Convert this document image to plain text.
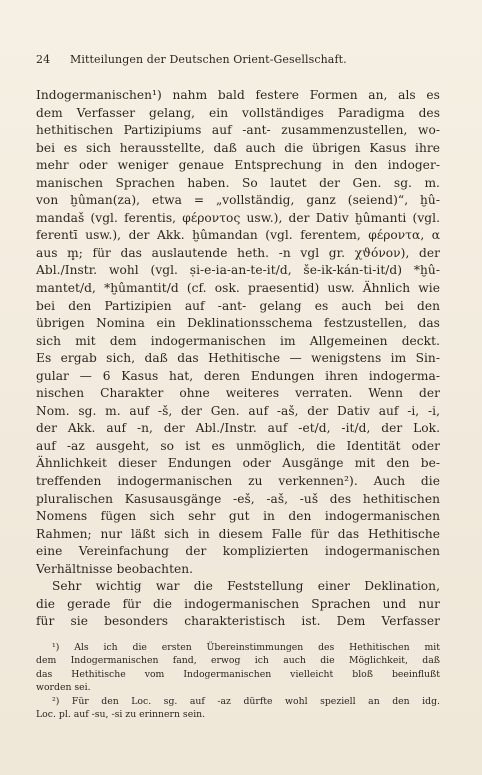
24 Mitteilungen der Deutschen Orient-Gesellschaft.
Indogermanischen¹) nahm bald festere Formen an, als es
dem Verfasser gelang, ein vollständiges Paradigma des
hethitischen Partizipiums auf -ant- zusammenzustellen, wo-
bei es sich herausstellte, daß auch die übrigen Kasus ihre
mehr oder weniger genaue Entsprechung in den indoger-
manischen Sprachen haben. So lautet der Gen. sg. m.
von ḫûman(za), etwa = „vollständig, ganz (seiend)“, ḫû-
mandaš (vgl. ferentis, φέροντος usw.), der Dativ ḫûmanti (vgl.
ferentī usw.), der Akk. ḫûmandan (vgl. ferentem, φέροντα, α
aus m̥; für das auslautende heth. -n vgl gr. χϑόνον), der
Abl./Instr. wohl (vgl. ṣi-e-ia-an-te-it/d, še-ik-kán-ti-it/d) *ḫû-
mantet/d, *ḫûmantit/d (cf. osk. praesentid) usw. Ähnlich wie
bei den Partizipien auf -ant- gelang es auch bei den
übrigen Nomina ein Deklinationsschema festzustellen, das
sich mit dem indogermanischen im Allgemeinen deckt.
Es ergab sich, daß das Hethitische — wenigstens im Sin-
gular — 6 Kasus hat, deren Endungen ihren indogerma-
nischen Charakter ohne weiteres verraten. Wenn der
Nom. sg. m. auf -š, der Gen. auf -aš, der Dativ auf -i, -i,
der Akk. auf -n, der Abl./Instr. auf -et/d, -it/d, der Lok.
auf -az ausgeht, so ist es unmöglich, die Identität oder
Ähnlichkeit dieser Endungen oder Ausgänge mit den be-
treffenden indogermanischen zu verkennen²). Auch die
pluralischen Kasusausgänge -eš, -aš, -uš des hethitischen
Nomens fügen sich sehr gut in den indogermanischen
Rahmen; nur läßt sich in diesem Falle für das Hethitische
eine Vereinfachung der komplizierten indogermanischen
Verhältnisse beobachten.
Sehr wichtig war die Feststellung einer Deklination,
die gerade für die indogermanischen Sprachen und nur
für sie besonders charakteristisch ist. Dem Verfasser
¹) Als ich die ersten Übereinstimmungen des Hethitischen mit
dem Indogermanischen fand, erwog ich auch die Möglichkeit, daß
das Hethitische vom Indogermanischen vielleicht bloß beeinflußt
worden sei.
²) Für den Loc. sg. auf -az dürfte wohl speziell an den idg.
Loc. pl. auf -su, -si zu erinnern sein.
